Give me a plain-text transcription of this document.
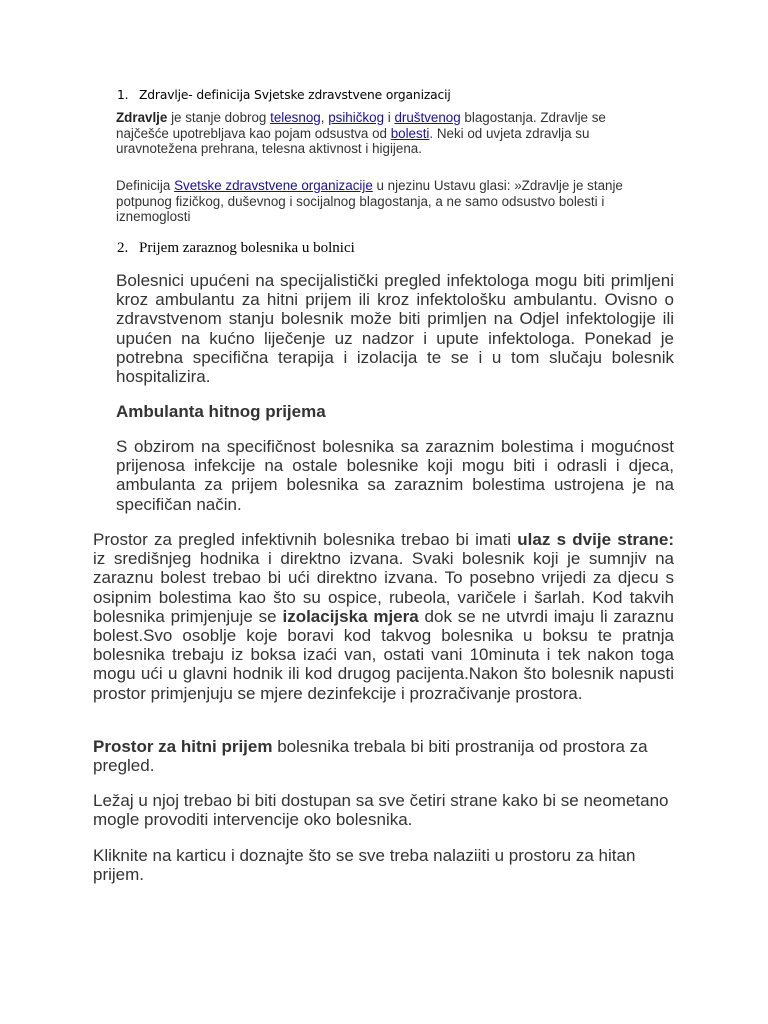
1. Zdravlje- definicija Svjetske zdravstvene organizacij

Zdravlje je stanje dobrog telesnog, psihičkog i društvenog blagostanja. Zdravlje se najčešće upotrebljava kao pojam odsustva od bolesti. Neki od uvjeta zdravlja su uravnotežena prehrana, telesna aktivnost i higijena.

Definicija Svetske zdravstvene organizacije u njezinu Ustavu glasi: »Zdravlje je stanje potpunog fizičkog, duševnog i socijalnog blagostanja, a ne samo odsustvo bolesti i iznemoglosti

2. Prijem zaraznog bolesnika u bolnici

Bolesnici upućeni na specijalistički pregled infektologa mogu biti primljeni kroz ambulantu za hitni prijem ili kroz infektološku ambulantu. Ovisno o zdravstvenom stanju bolesnik može biti primljen na Odjel infektologije ili upućen na kućno liječenje uz nadzor i upute infektologa. Ponekad je potrebna specifična terapija i izolacija te se i u tom slučaju bolesnik hospitalizira.

Ambulanta hitnog prijema

S obzirom na specifičnost bolesnika sa zaraznim bolestima i mogućnost prijenosa infekcije na ostale bolesnike koji mogu biti i odrasli i djeca, ambulanta za prijem bolesnika sa zaraznim bolestima ustrojena je na specifičan način.

Prostor za pregled infektivnih bolesnika trebao bi imati ulaz s dvije strane: iz središnjeg hodnika i direktno izvana. Svaki bolesnik koji je sumnjiv na zaraznu bolest trebao bi ući direktno izvana. To posebno vrijedi za djecu s osipnim bolestima kao što su ospice, rubeola, varičele i šarlah. Kod takvih bolesnika primjenjuje se izolacijska mjera dok se ne utvrdi imaju li zaraznu bolest.Svo osoblje koje boravi kod takvog bolesnika u boksu te pratnja bolesnika trebaju iz boksa izaći van, ostati vani 10minuta i tek nakon toga mogu ući u glavni hodnik ili kod drugog pacijenta.Nakon što bolesnik napusti prostor primjenjuju se mjere dezinfekcije i prozračivanje prostora.

Prostor za hitni prijem bolesnika trebala bi biti prostranija od prostora za pregled.

Ležaj u njoj trebao bi biti dostupan sa sve četiri strane kako bi se neometano mogle provoditi intervencije oko bolesnika.

Kliknite na karticu i doznajte što se sve treba nalaziiti u prostoru za hitan prijem.
